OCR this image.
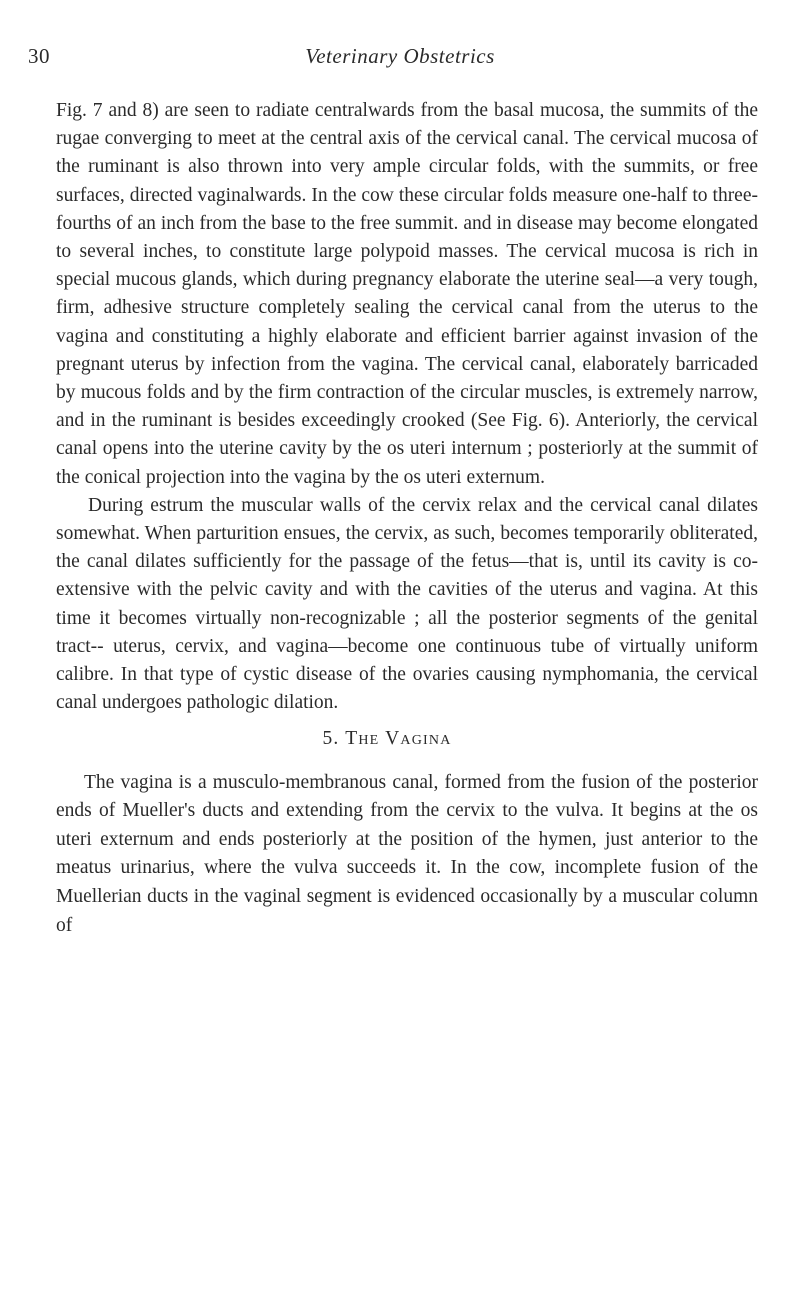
30	Veterinary Obstetrics

Fig. 7 and 8) are seen to radiate centralwards from the basal mucosa, the summits of the rugae converging to meet at the central axis of the cervical canal. The cervical mucosa of the ruminant is also thrown into very ample circular folds, with the summits, or free surfaces, directed vaginalwards. In the cow these circular folds measure one-half to three-fourths of an inch from the base to the free summit. and in disease may become elongated to several inches, to constitute large polypoid masses. The cervical mucosa is rich in special mucous glands, which during pregnancy elaborate the uterine seal—a very tough, firm, adhesive structure completely sealing the cervical canal from the uterus to the vagina and constituting a highly elaborate and efficient barrier against invasion of the pregnant uterus by infection from the vagina. The cervical canal, elaborately barricaded by mucous folds and by the firm contraction of the circular muscles, is extremely narrow, and in the ruminant is besides exceedingly crooked (See Fig. 6). Anteriorly, the cervical canal opens into the uterine cavity by the os uteri internum ; posteriorly at the summit of the conical projection into the vagina by the os uteri externum.

During estrum the muscular walls of the cervix relax and the cervical canal dilates somewhat. When parturition ensues, the cervix, as such, becomes temporarily obliterated, the canal dilates sufficiently for the passage of the fetus—that is, until its cavity is co-extensive with the pelvic cavity and with the cavities of the uterus and vagina. At this time it becomes virtually non-recognizable ; all the posterior segments of the genital tract-- uterus, cervix, and vagina—become one continuous tube of virtually uniform calibre. In that type of cystic disease of the ovaries causing nymphomania, the cervical canal undergoes pathologic dilation.

5. The Vagina

The vagina is a musculo-membranous canal, formed from the fusion of the posterior ends of Mueller's ducts and extending from the cervix to the vulva. It begins at the os uteri externum and ends posteriorly at the position of the hymen, just anterior to the meatus urinarius, where the vulva succeeds it. In the cow, incomplete fusion of the Muellerian ducts in the vaginal segment is evidenced occasionally by a muscular column of
